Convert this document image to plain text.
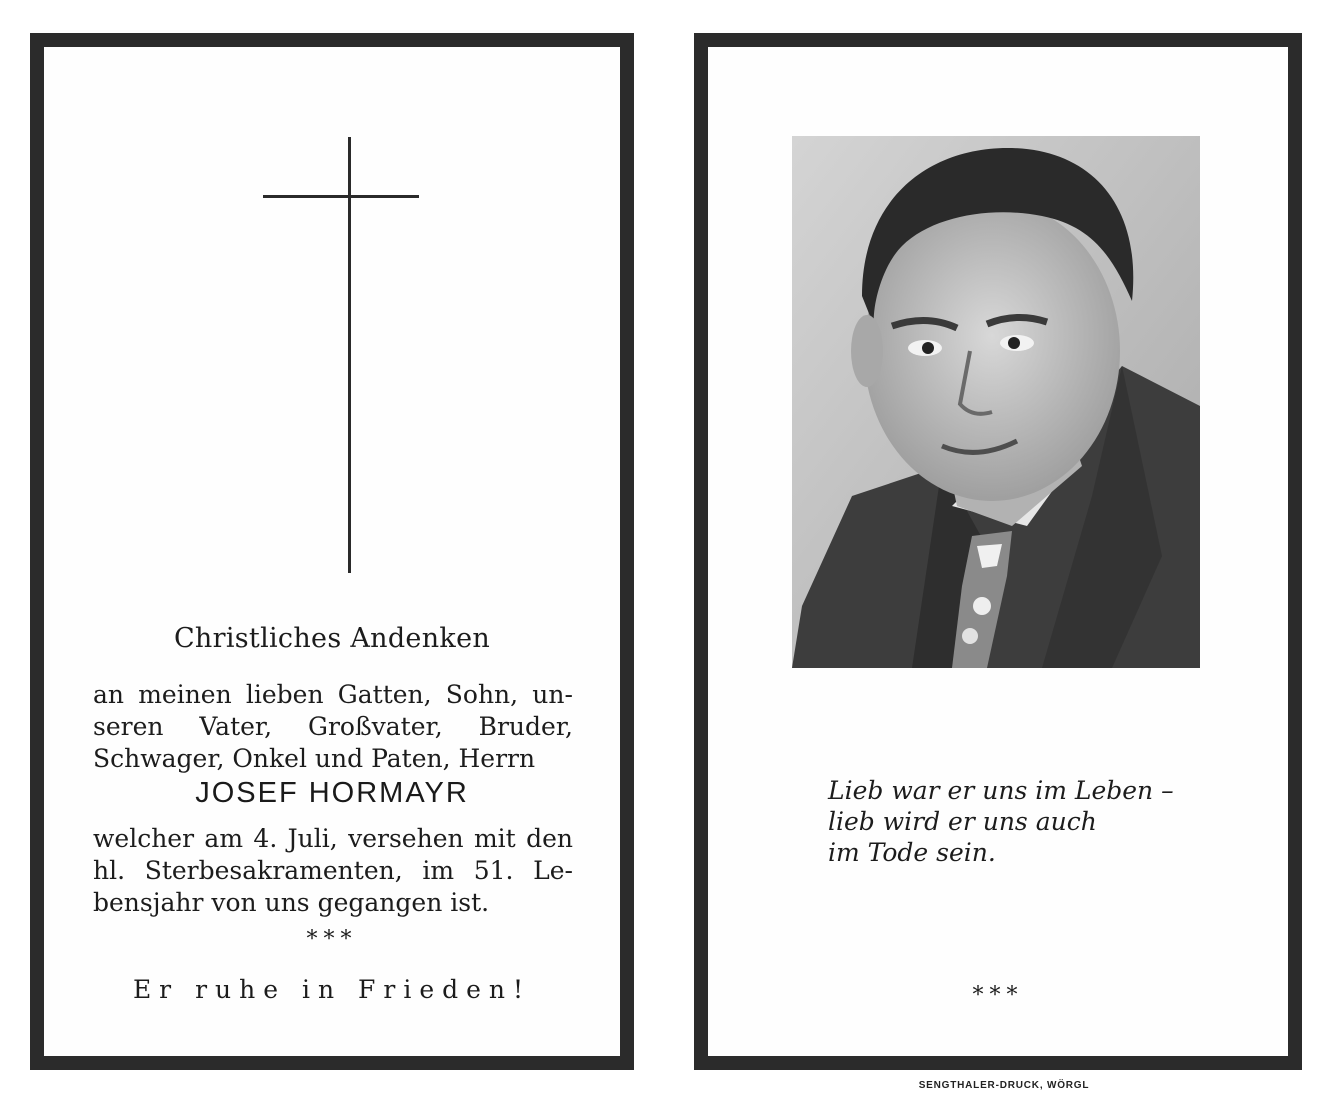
Christliches Andenken
an meinen lieben Gatten, Sohn, un-
seren Vater, Großvater, Bruder,
Schwager, Onkel und Paten, Herrn
JOSEF HORMAYR
welcher am 4. Juli, versehen mit den
hl. Sterbesakramenten, im 51. Le-
bensjahr von uns gegangen ist.
***
Er ruhe in Frieden!
Lieb war er uns im Leben –
lieb wird er uns auch
im Tode sein.
***
SENGTHALER-DRUCK, WÖRGL
